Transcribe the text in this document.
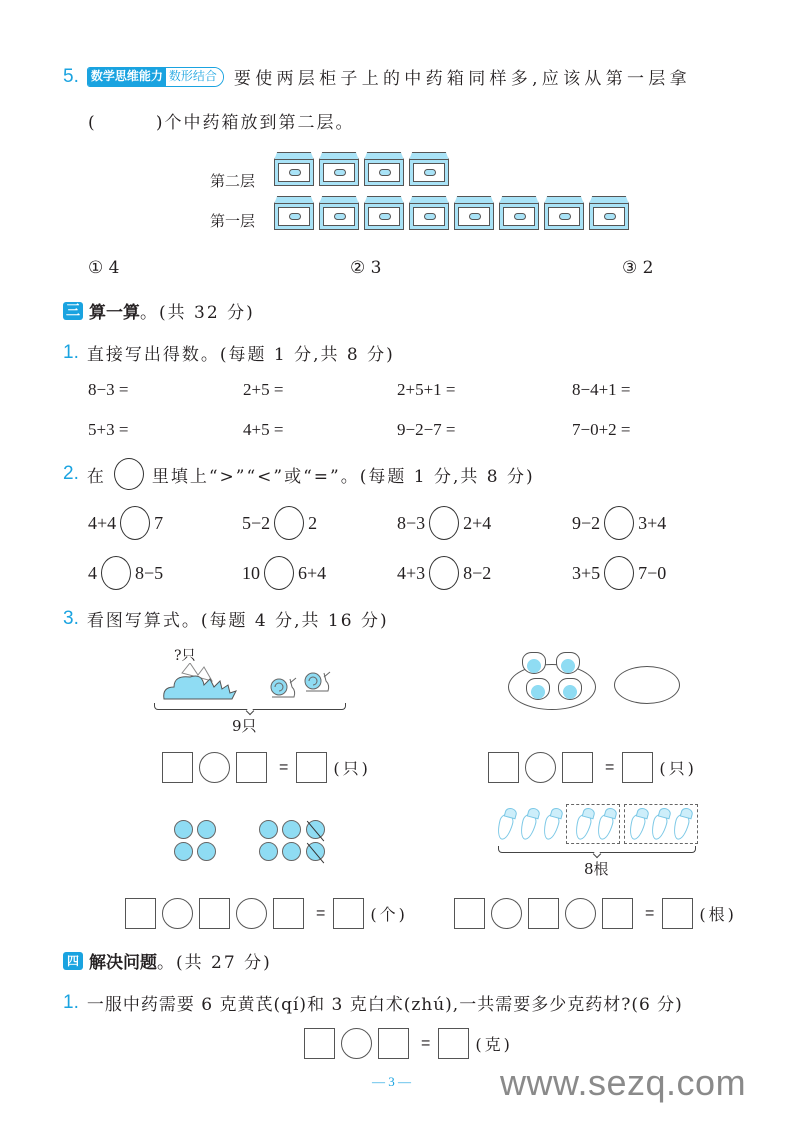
5. 数学思维能力 数形结合	要使两层柜子上的中药箱同样多,应该从第一层拿
(        )个中药箱放到第二层。
第二层
第一层
① 4	② 3	③ 2
三 算一算 。(共 32 分)
1. 直接写出得数。(每题 1 分,共 8 分)
8−3 =	2+5 =	2+5+1 =	8−4+1 =
5+3 =	4+5 =	9−2−7 =	7−0+2 =
2. 在	里填上“>”“<”或“=”。(每题 1 分,共 8 分)
4+4 7	5−2 2	8−3 2+4	9−2 3+4
4 8−5	10 6+4	4+3 8−2	3+5 7−0
3. 看图写算式。(每题 4 分,共 16 分)
?只
9只
=	(只)	=	(只)
8根
=	(个)	=	(根)
四 解决问题 。(共 27 分)
1. 一服中药需要 6 克黄芪(qí)和 3 克白术(zhú),一共需要多少克药材?(6 分)
=	(克)
— 3 — www.sezq.com
